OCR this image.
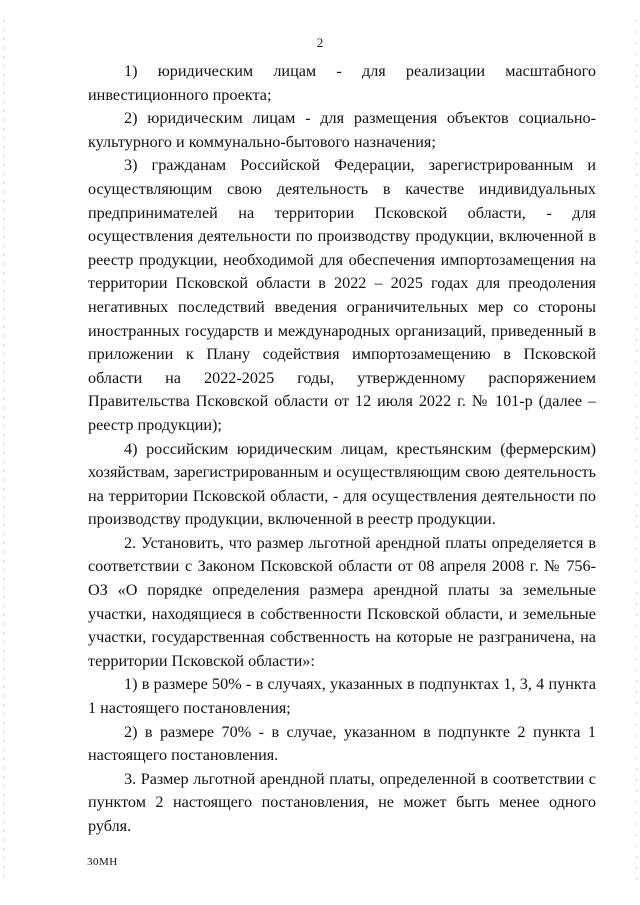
2

1) юридическим лицам - для реализации масштабного инвестиционного проекта;

2) юридическим лицам - для размещения объектов социально-культурного и коммунально-бытового назначения;

3) гражданам Российской Федерации, зарегистрированным и осуществляющим свою деятельность в качестве индивидуальных предпринимателей на территории Псковской области, - для осуществления деятельности по производству продукции, включенной в реестр продукции, необходимой для обеспечения импортозамещения на территории Псковской области в 2022 – 2025 годах для преодоления негативных последствий введения ограничительных мер со стороны иностранных государств и международных организаций, приведенный в приложении к Плану содействия импортозамещению в Псковской области на 2022-2025 годы, утвержденному распоряжением Правительства Псковской области от 12 июля 2022 г. № 101-р (далее – реестр продукции);

4) российским юридическим лицам, крестьянским (фермерским) хозяйствам, зарегистрированным и осуществляющим свою деятельность на территории Псковской области, - для осуществления деятельности по производству продукции, включенной в реестр продукции.

2. Установить, что размер льготной арендной платы определяется в соответствии с Законом Псковской области от 08 апреля 2008 г. № 756-ОЗ «О порядке определения размера арендной платы за земельные участки, находящиеся в собственности Псковской области, и земельные участки, государственная собственность на которые не разграничена, на территории Псковской области»:

1) в размере 50% - в случаях, указанных в подпунктах 1, 3, 4 пункта 1 настоящего постановления;

2) в размере 70% - в случае, указанном в подпункте 2 пункта 1 настоящего постановления.

3. Размер льготной арендной платы, определенной в соответствии с пунктом 2 настоящего постановления, не может быть менее одного рубля.

30МН
